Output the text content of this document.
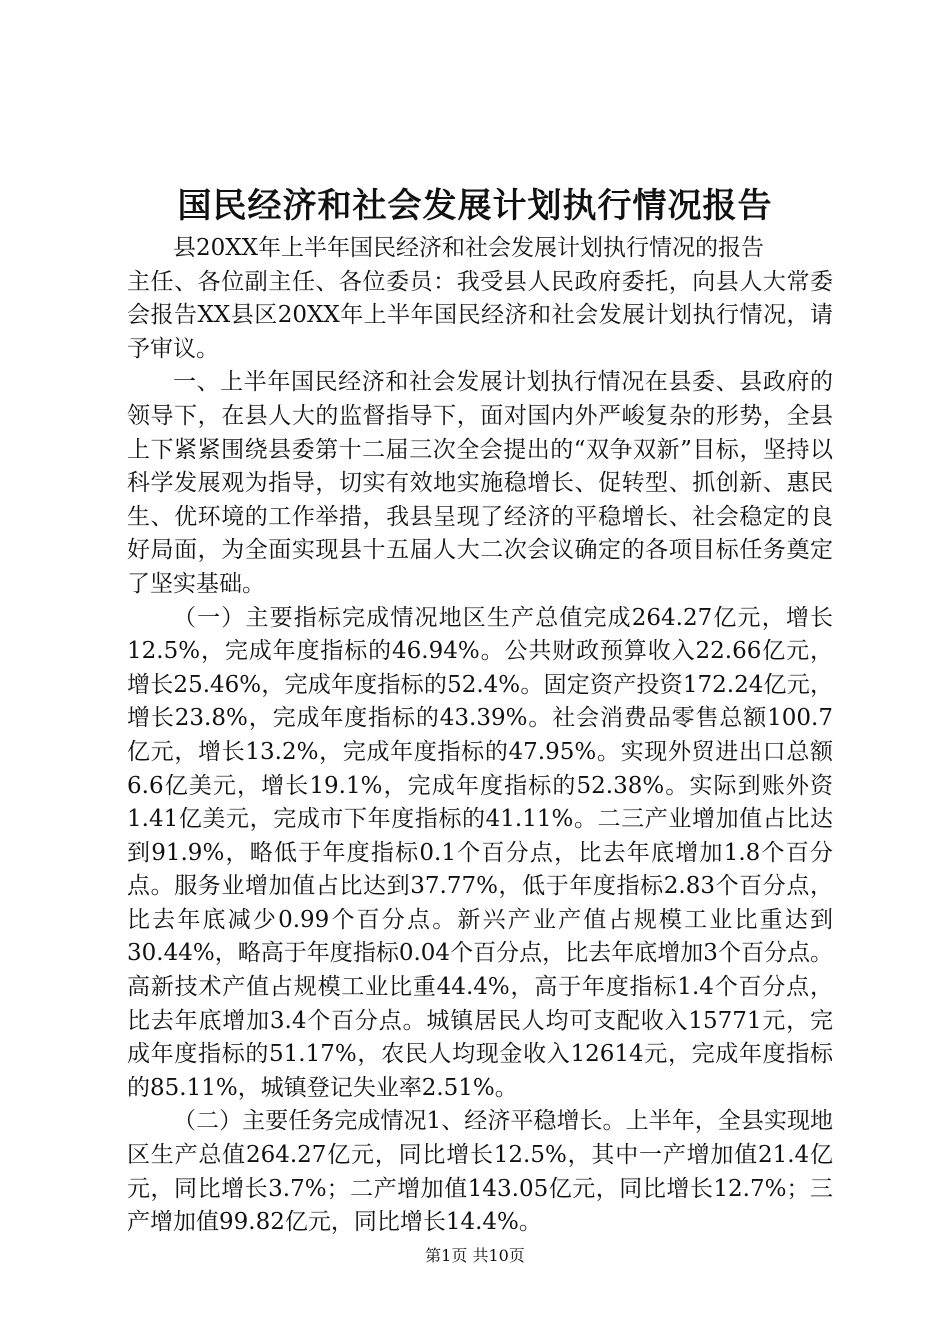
国民经济和社会发展计划执行情况报告

县20XX年上半年国民经济和社会发展计划执行情况的报告

主任、各位副主任、各位委员：我受县人民政府委托，向县人大常委会报告XX县区20XX年上半年国民经济和社会发展计划执行情况，请予审议。

一、上半年国民经济和社会发展计划执行情况在县委、县政府的领导下，在县人大的监督指导下，面对国内外严峻复杂的形势，全县上下紧紧围绕县委第十二届三次全会提出的“双争双新”目标，坚持以科学发展观为指导，切实有效地实施稳增长、促转型、抓创新、惠民生、优环境的工作举措，我县呈现了经济的平稳增长、社会稳定的良好局面，为全面实现县十五届人大二次会议确定的各项目标任务奠定了坚实基础。

（一）主要指标完成情况地区生产总值完成264.27亿元，增长12.5%，完成年度指标的46.94%。公共财政预算收入22.66亿元，增长25.46%，完成年度指标的52.4%。固定资产投资172.24亿元，增长23.8%，完成年度指标的43.39%。社会消费品零售总额100.7亿元，增长13.2%，完成年度指标的47.95%。实现外贸进出口总额6.6亿美元，增长19.1%，完成年度指标的52.38%。实际到账外资1.41亿美元，完成市下年度指标的41.11%。二三产业增加值占比达到91.9%，略低于年度指标0.1个百分点，比去年底增加1.8个百分点。服务业增加值占比达到37.77%，低于年度指标2.83个百分点，比去年底减少0.99个百分点。新兴产业产值占规模工业比重达到30.44%，略高于年度指标0.04个百分点，比去年底增加3个百分点。高新技术产值占规模工业比重44.4%，高于年度指标1.4个百分点，比去年底增加3.4个百分点。城镇居民人均可支配收入15771元，完成年度指标的51.17%，农民人均现金收入12614元，完成年度指标的85.11%，城镇登记失业率2.51%。

（二）主要任务完成情况1、经济平稳增长。上半年，全县实现地区生产总值264.27亿元，同比增长12.5%，其中一产增加值21.4亿元，同比增长3.7%；二产增加值143.05亿元，同比增长12.7%；三产增加值99.82亿元，同比增长14.4%。

第1页 共10页
